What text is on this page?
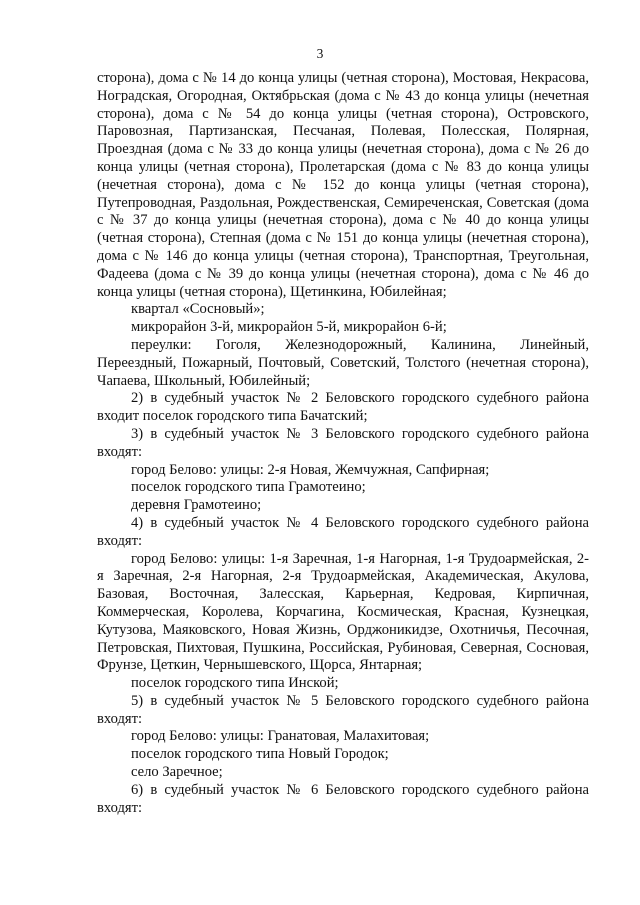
3

сторона), дома с № 14 до конца улицы (четная сторона), Мостовая, Некрасова, Ноградская, Огородная, Октябрьская (дома с № 43 до конца улицы (нечетная сторона), дома с № 54 до конца улицы (четная сторона), Островского, Паровозная, Партизанская, Песчаная, Полевая, Полесская, Полярная, Проездная (дома с № 33 до конца улицы (нечетная сторона), дома с № 26 до конца улицы (четная сторона), Пролетарская (дома с № 83 до конца улицы (нечетная сторона), дома с № 152 до конца улицы (четная сторона), Путепроводная, Раздольная, Рождественская, Семиреченская, Советская (дома с № 37 до конца улицы (нечетная сторона), дома с № 40 до конца улицы (четная сторона), Степная (дома с № 151 до конца улицы (нечетная сторона), дома с № 146 до конца улицы (четная сторона), Транспортная, Треугольная, Фадеева (дома с № 39 до конца улицы (нечетная сторона), дома с № 46 до конца улицы (четная сторона), Щетинкина, Юбилейная;

квартал «Сосновый»;

микрорайон 3-й, микрорайон 5-й, микрорайон 6-й;

переулки: Гоголя, Железнодорожный, Калинина, Линейный, Переездный, Пожарный, Почтовый, Советский, Толстого (нечетная сторона), Чапаева, Школьный, Юбилейный;

2) в судебный участок № 2 Беловского городского судебного района входит поселок городского типа Бачатский;

3) в судебный участок № 3 Беловского городского судебного района входят:

город Белово: улицы: 2-я Новая, Жемчужная, Сапфирная;

поселок городского типа Грамотеино;

деревня Грамотеино;

4) в судебный участок № 4 Беловского городского судебного района входят:

город Белово: улицы: 1-я Заречная, 1-я Нагорная, 1-я Трудоармейская, 2-я Заречная, 2-я Нагорная, 2-я Трудоармейская, Академическая, Акулова, Базовая, Восточная, Залесская, Карьерная, Кедровая, Кирпичная, Коммерческая, Королева, Корчагина, Космическая, Красная, Кузнецкая, Кутузова, Маяковского, Новая Жизнь, Орджоникидзе, Охотничья, Песочная, Петровская, Пихтовая, Пушкина, Российская, Рубиновая, Северная, Сосновая, Фрунзе, Цеткин, Чернышевского, Щорса, Янтарная;

поселок городского типа Инской;

5) в судебный участок № 5 Беловского городского судебного района входят:

город Белово: улицы: Гранатовая, Малахитовая;

поселок городского типа Новый Городок;

село Заречное;

6) в судебный участок № 6 Беловского городского судебного района входят:
